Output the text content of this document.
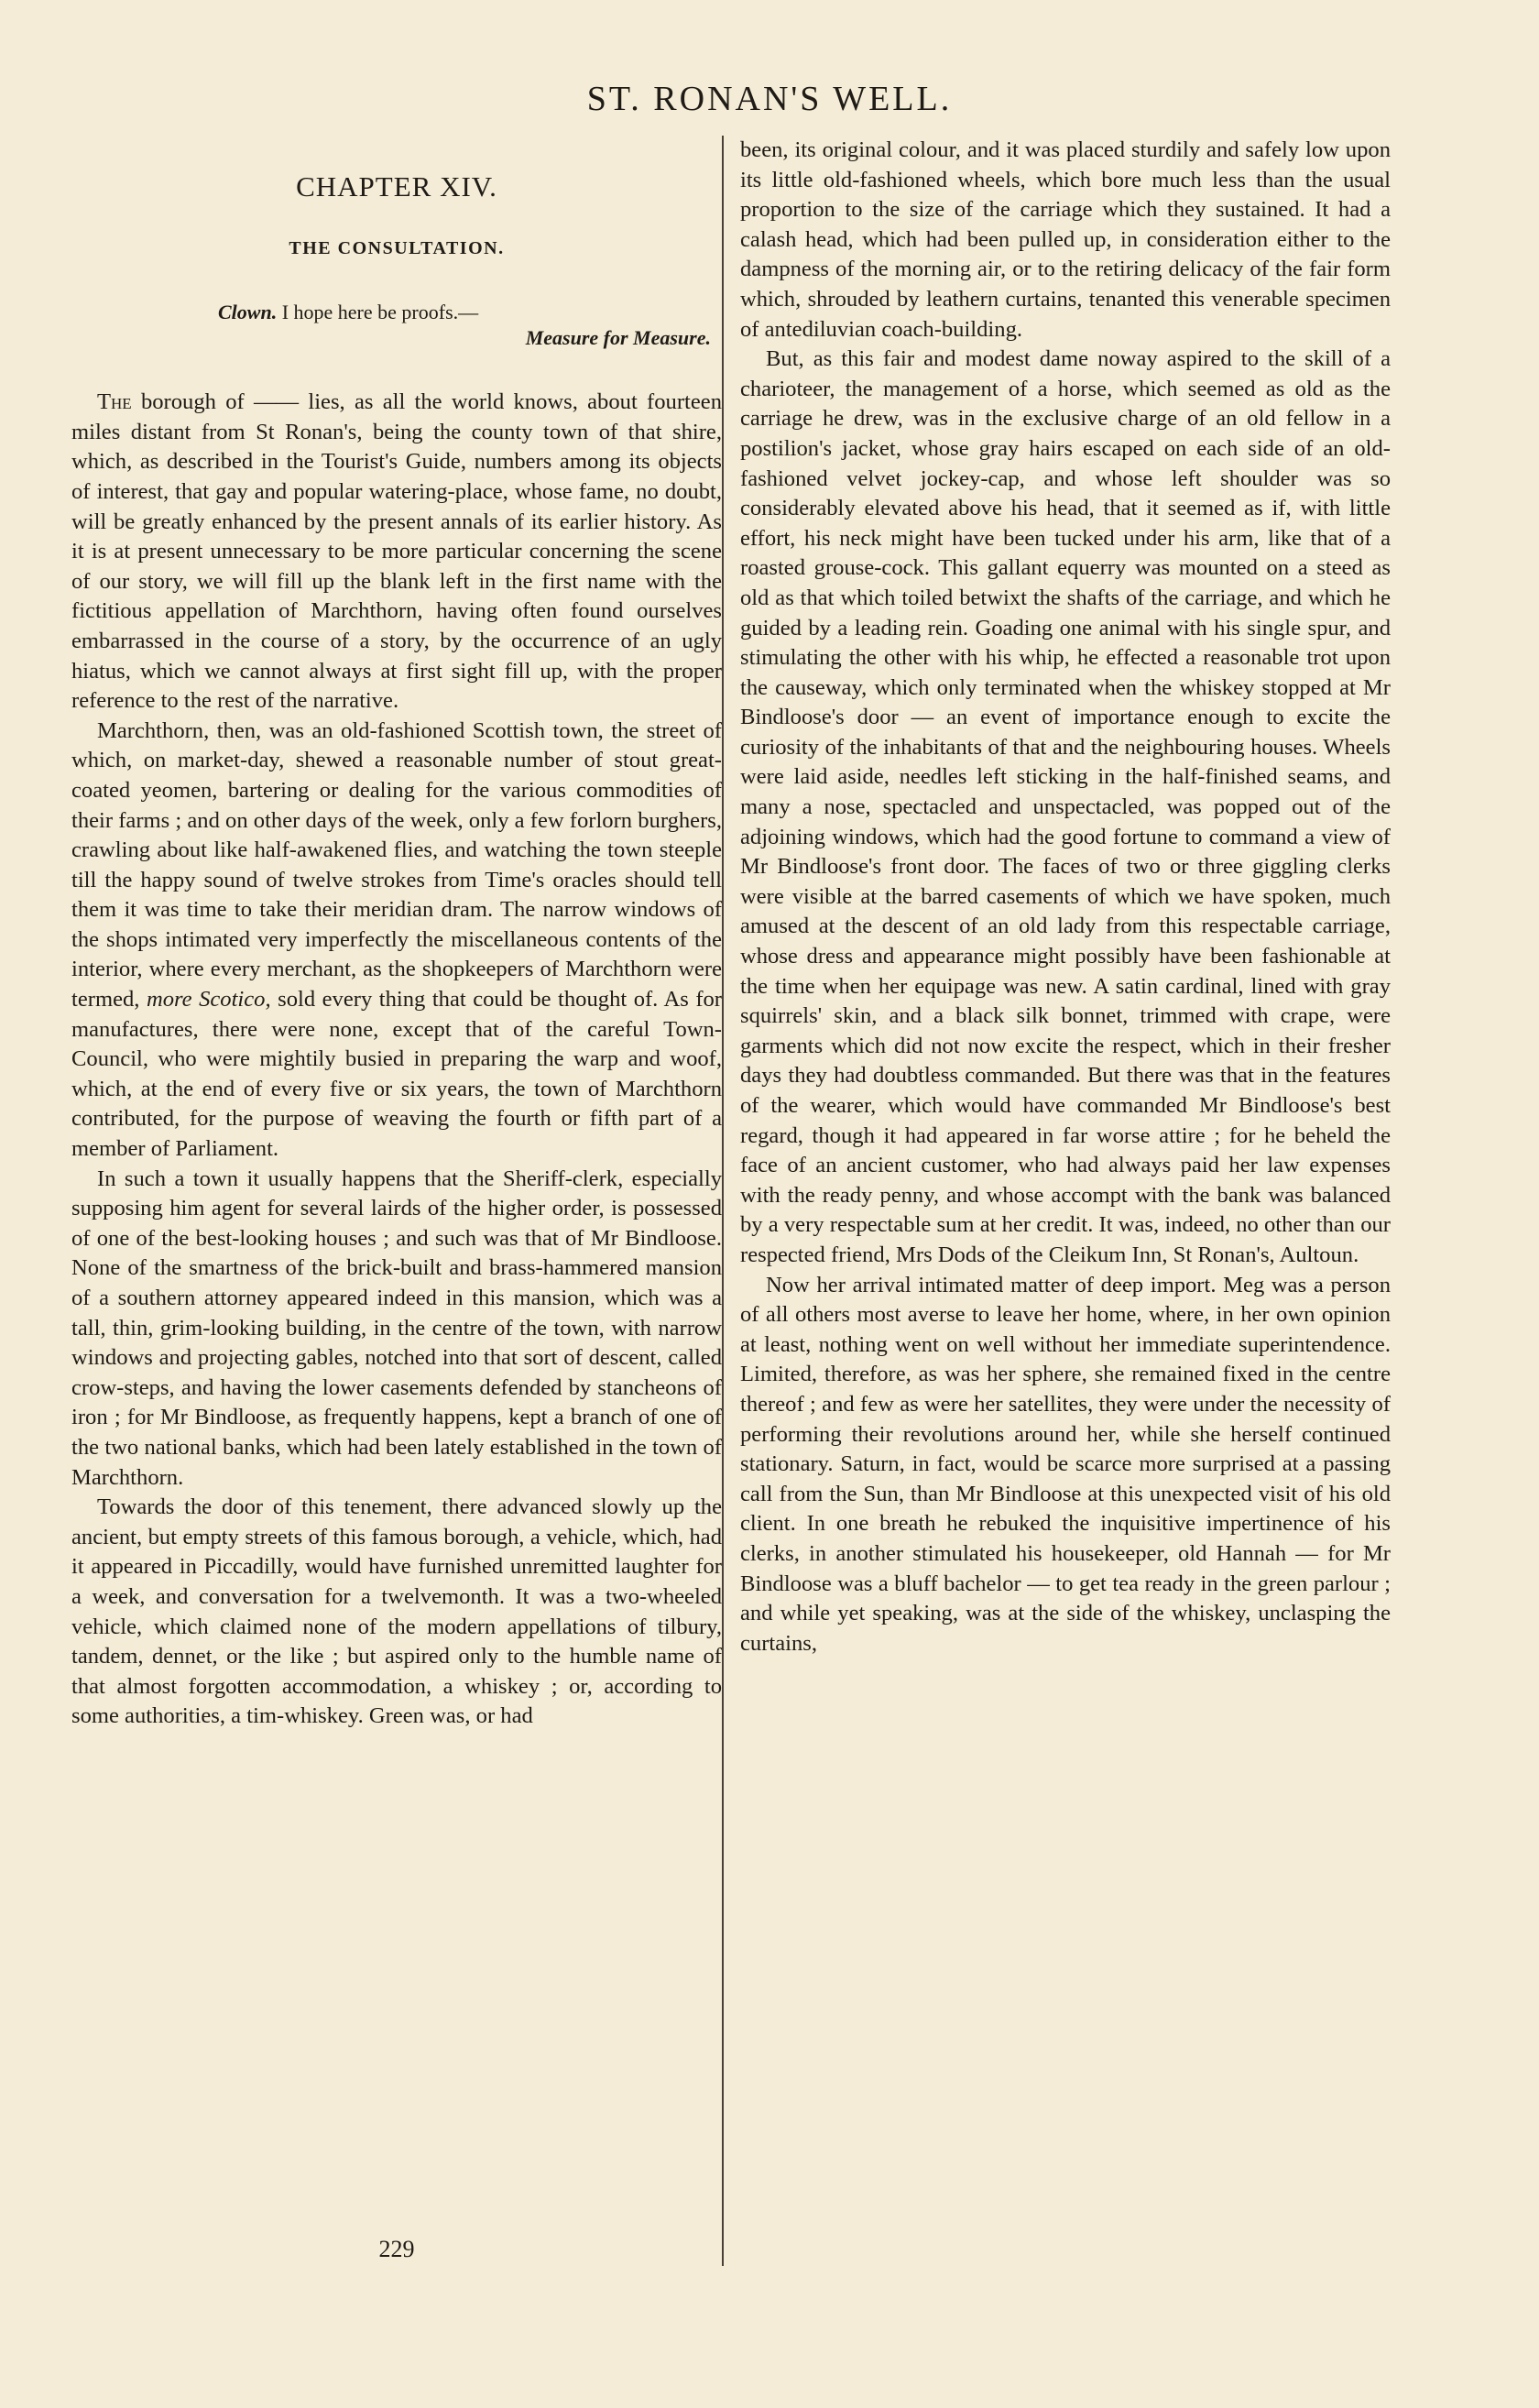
ST. RONAN'S WELL.
CHAPTER XIV.
THE CONSULTATION.
Clown. I hope here be proofs.—
Measure for Measure.

The borough of —— lies, as all the world knows, about fourteen miles distant from St Ronan's, being the county town of that shire, which, as described in the Tourist's Guide, numbers among its objects of interest, that gay and popular watering-place, whose fame, no doubt, will be greatly enhanced by the present annals of its earlier history. As it is at present unnecessary to be more particular concerning the scene of our story, we will fill up the blank left in the first name with the fictitious appellation of Marchthorn, having often found ourselves embarrassed in the course of a story, by the occurrence of an ugly hiatus, which we cannot always at first sight fill up, with the proper reference to the rest of the narrative.

Marchthorn, then, was an old-fashioned Scottish town, the street of which, on market-day, shewed a reasonable number of stout great-coated yeomen, bartering or dealing for the various commodities of their farms ; and on other days of the week, only a few forlorn burghers, crawling about like half-awakened flies, and watching the town steeple till the happy sound of twelve strokes from Time's oracles should tell them it was time to take their meridian dram. The narrow windows of the shops intimated very imperfectly the miscellaneous contents of the interior, where every merchant, as the shopkeepers of Marchthorn were termed, more Scotico, sold every thing that could be thought of. As for manufactures, there were none, except that of the careful Town-Council, who were mightily busied in preparing the warp and woof, which, at the end of every five or six years, the town of Marchthorn contributed, for the purpose of weaving the fourth or fifth part of a member of Parliament.

In such a town it usually happens that the Sheriff-clerk, especially supposing him agent for several lairds of the higher order, is possessed of one of the best-looking houses ; and such was that of Mr Bindloose. None of the smartness of the brick-built and brass-hammered mansion of a southern attorney appeared indeed in this mansion, which was a tall, thin, grim-looking building, in the centre of the town, with narrow windows and projecting gables, notched into that sort of descent, called crow-steps, and having the lower casements defended by stancheons of iron ; for Mr Bindloose, as frequently happens, kept a branch of one of the two national banks, which had been lately established in the town of Marchthorn.

Towards the door of this tenement, there advanced slowly up the ancient, but empty streets of this famous borough, a vehicle, which, had it appeared in Piccadilly, would have furnished unremitted laughter for a week, and conversation for a twelvemonth. It was a two-wheeled vehicle, which claimed none of the modern appellations of tilbury, tandem, dennet, or the like ; but aspired only to the humble name of that almost forgotten accommodation, a whiskey ; or, according to some authorities, a tim-whiskey. Green was, or had

been, its original colour, and it was placed sturdily and safely low upon its little old-fashioned wheels, which bore much less than the usual proportion to the size of the carriage which they sustained. It had a calash head, which had been pulled up, in consideration either to the dampness of the morning air, or to the retiring delicacy of the fair form which, shrouded by leathern curtains, tenanted this venerable specimen of antediluvian coach-building.

But, as this fair and modest dame noway aspired to the skill of a charioteer, the management of a horse, which seemed as old as the carriage he drew, was in the exclusive charge of an old fellow in a postilion's jacket, whose gray hairs escaped on each side of an old-fashioned velvet jockey-cap, and whose left shoulder was so considerably elevated above his head, that it seemed as if, with little effort, his neck might have been tucked under his arm, like that of a roasted grouse-cock. This gallant equerry was mounted on a steed as old as that which toiled betwixt the shafts of the carriage, and which he guided by a leading rein. Goading one animal with his single spur, and stimulating the other with his whip, he effected a reasonable trot upon the causeway, which only terminated when the whiskey stopped at Mr Bindloose's door — an event of importance enough to excite the curiosity of the inhabitants of that and the neighbouring houses. Wheels were laid aside, needles left sticking in the half-finished seams, and many a nose, spectacled and unspectacled, was popped out of the adjoining windows, which had the good fortune to command a view of Mr Bindloose's front door. The faces of two or three giggling clerks were visible at the barred casements of which we have spoken, much amused at the descent of an old lady from this respectable carriage, whose dress and appearance might possibly have been fashionable at the time when her equipage was new. A satin cardinal, lined with gray squirrels' skin, and a black silk bonnet, trimmed with crape, were garments which did not now excite the respect, which in their fresher days they had doubtless commanded. But there was that in the features of the wearer, which would have commanded Mr Bindloose's best regard, though it had appeared in far worse attire ; for he beheld the face of an ancient customer, who had always paid her law expenses with the ready penny, and whose accompt with the bank was balanced by a very respectable sum at her credit. It was, indeed, no other than our respected friend, Mrs Dods of the Cleikum Inn, St Ronan's, Aultoun.

Now her arrival intimated matter of deep import. Meg was a person of all others most averse to leave her home, where, in her own opinion at least, nothing went on well without her immediate superintendence. Limited, therefore, as was her sphere, she remained fixed in the centre thereof ; and few as were her satellites, they were under the necessity of performing their revolutions around her, while she herself continued stationary. Saturn, in fact, would be scarce more surprised at a passing call from the Sun, than Mr Bindloose at this unexpected visit of his old client. In one breath he rebuked the inquisitive impertinence of his clerks, in another stimulated his housekeeper, old Hannah — for Mr Bindloose was a bluff bachelor — to get tea ready in the green parlour ; and while yet speaking, was at the side of the whiskey, unclasping the curtains,

229
